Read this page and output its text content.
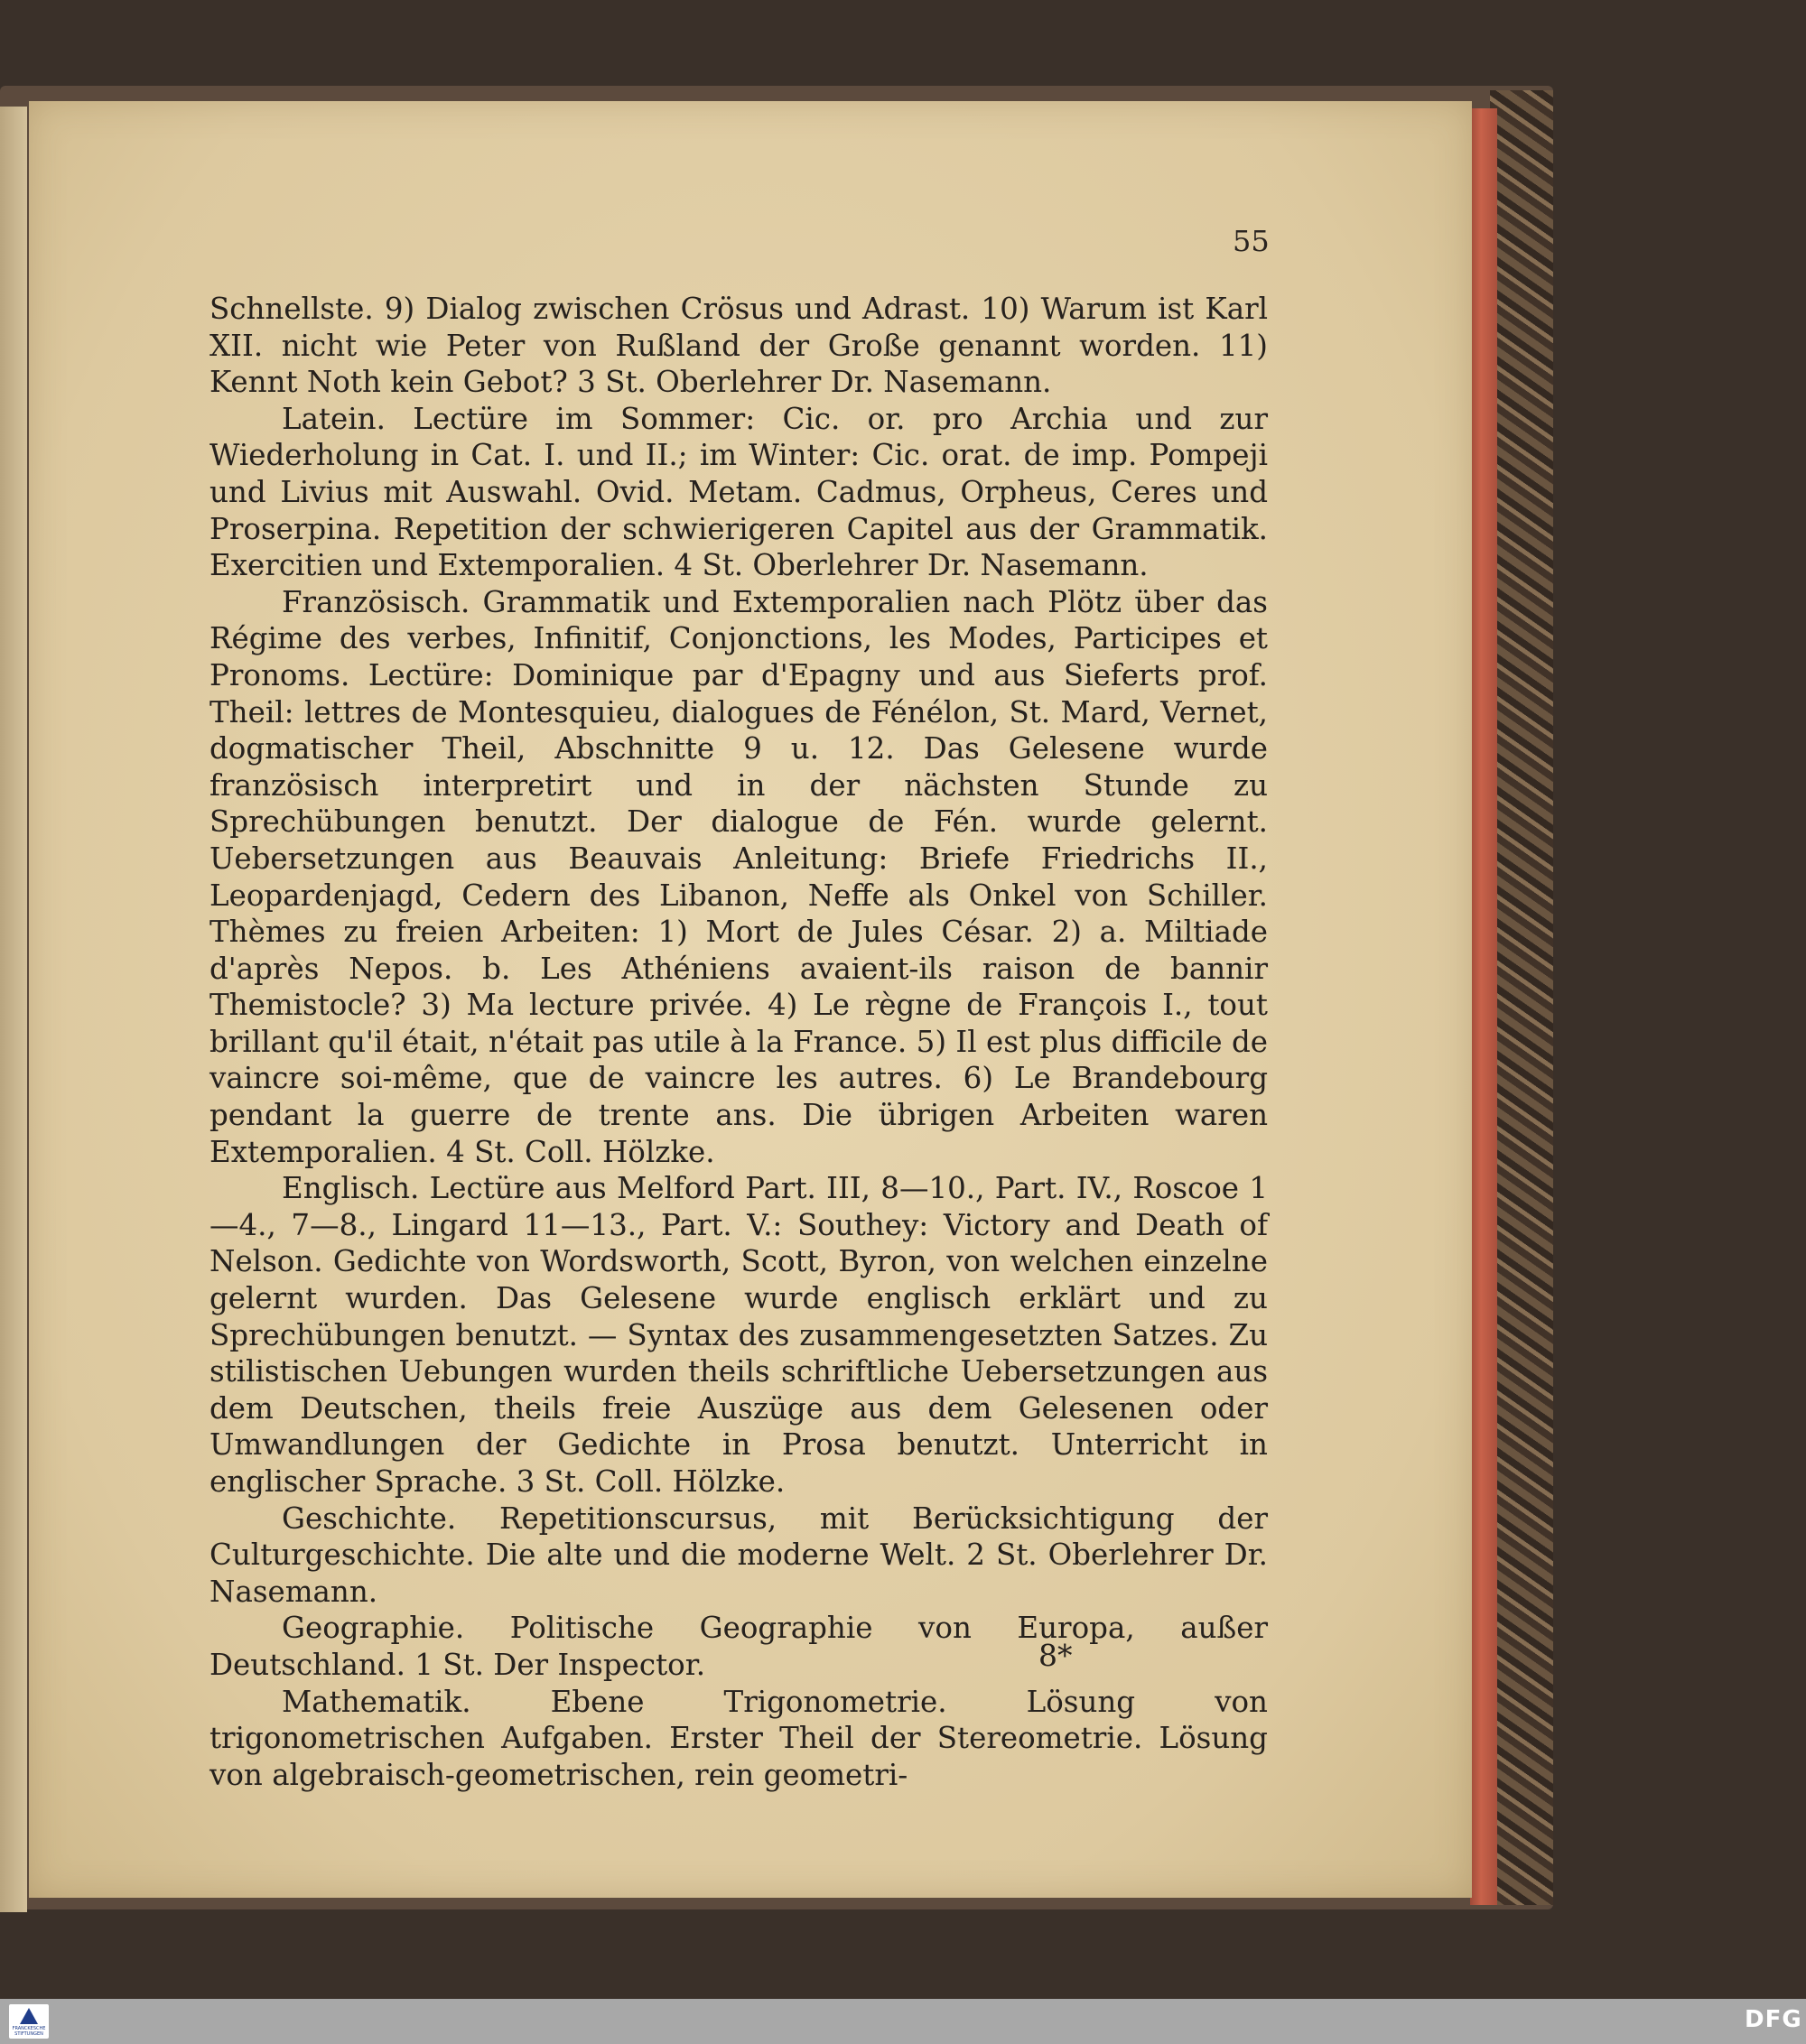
55

Schnellste. 9) Dialog zwischen Crösus und Adrast. 10) Warum ist Karl XII. nicht wie Peter von Rußland der Große genannt worden. 11) Kennt Noth kein Gebot? 3 St. Oberlehrer Dr. Nasemann.

Latein. Lectüre im Sommer: Cic. or. pro Archia und zur Wiederholung in Cat. I. und II.; im Winter: Cic. orat. de imp. Pompeji und Livius mit Auswahl. Ovid. Metam. Cadmus, Orpheus, Ceres und Proserpina. Repetition der schwierigeren Capitel aus der Grammatik. Exercitien und Extemporalien. 4 St. Oberlehrer Dr. Nasemann.

Französisch. Grammatik und Extemporalien nach Plötz über das Régime des verbes, Infinitif, Conjonctions, les Modes, Participes et Pronoms. Lectüre: Dominique par d'Epagny und aus Sieferts prof. Theil: lettres de Montesquieu, dialogues de Fénélon, St. Mard, Vernet, dogmatischer Theil, Abschnitte 9 u. 12. Das Gelesene wurde französisch interpretirt und in der nächsten Stunde zu Sprechübungen benutzt. Der dialogue de Fén. wurde gelernt. Uebersetzungen aus Beauvais Anleitung: Briefe Friedrichs II., Leopardenjagd, Cedern des Libanon, Neffe als Onkel von Schiller. Thèmes zu freien Arbeiten: 1) Mort de Jules César. 2) a. Miltiade d'après Nepos. b. Les Athéniens avaient-ils raison de bannir Themistocle? 3) Ma lecture privée. 4) Le règne de François I., tout brillant qu'il était, n'était pas utile à la France. 5) Il est plus difficile de vaincre soi-même, que de vaincre les autres. 6) Le Brandebourg pendant la guerre de trente ans. Die übrigen Arbeiten waren Extemporalien. 4 St. Coll. Hölzke.

Englisch. Lectüre aus Melford Part. III, 8—10., Part. IV., Roscoe 1—4., 7—8., Lingard 11—13., Part. V.: Southey: Victory and Death of Nelson. Gedichte von Wordsworth, Scott, Byron, von welchen einzelne gelernt wurden. Das Gelesene wurde englisch erklärt und zu Sprechübungen benutzt. — Syntax des zusammengesetzten Satzes. Zu stilistischen Uebungen wurden theils schriftliche Uebersetzungen aus dem Deutschen, theils freie Auszüge aus dem Gelesenen oder Umwandlungen der Gedichte in Prosa benutzt. Unterricht in englischer Sprache. 3 St. Coll. Hölzke.

Geschichte. Repetitionscursus, mit Berücksichtigung der Culturgeschichte. Die alte und die moderne Welt. 2 St. Oberlehrer Dr. Nasemann.

Geographie. Politische Geographie von Europa, außer Deutschland. 1 St. Der Inspector.

Mathematik. Ebene Trigonometrie. Lösung von trigonometrischen Aufgaben. Erster Theil der Stereometrie. Lösung von algebraisch-geometrischen, rein geometri-

8*
FRANCKESCHE STIFTUNGEN
DFG
